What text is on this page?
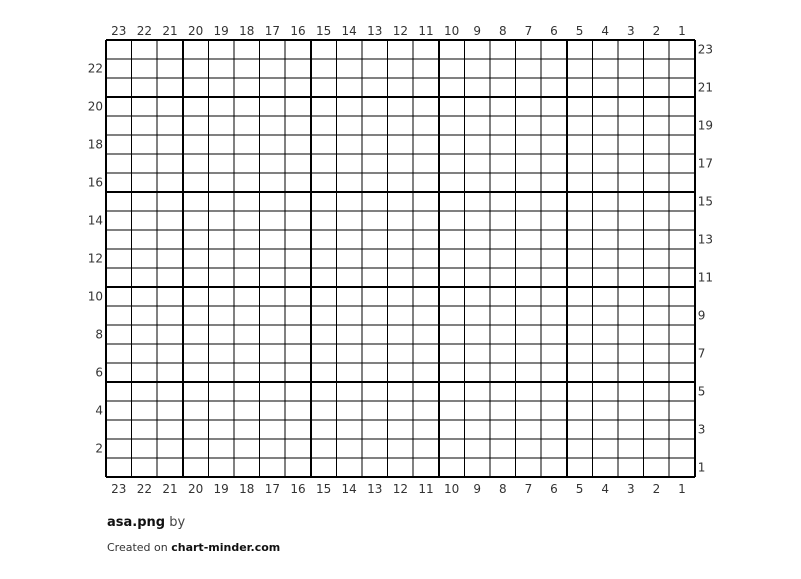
23 22 21 20 19 18 17 16 15 14 13 12 11 10 9 8 7 6 5 4 3 2 1
23 22 21 20 19 18 17 16 15 14 13 12 11 10 9 8 7 6 5 4 3 2 1
23
21
19
17
15
13
11
9
7
5
3
1
22
20
18
16
14
12
10
8
6
4
2
asa.png by
Created on chart-minder.com
